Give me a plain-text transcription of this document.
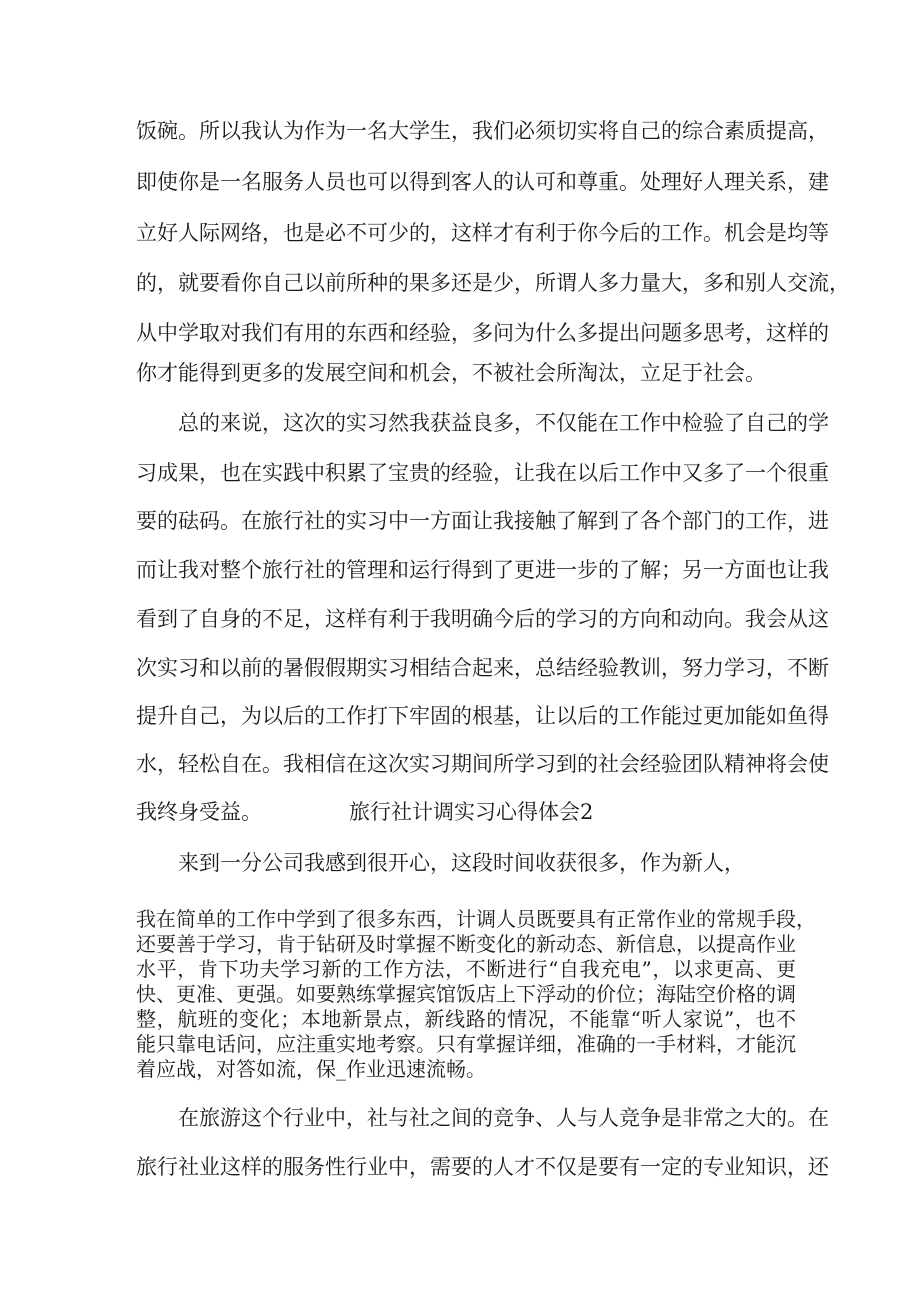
饭碗。所以我认为作为一名大学生，我们必须切实将自己的综合素质提高，
即使你是一名服务人员也可以得到客人的认可和尊重。处理好人理关系，建
立好人际网络，也是必不可少的，这样才有利于你今后的工作。机会是均等
的，就要看你自己以前所种的果多还是少，所谓人多力量大，多和别人交流，
从中学取对我们有用的东西和经验，多问为什么多提出问题多思考，这样的
你才能得到更多的发展空间和机会，不被社会所淘汰，立足于社会。
总的来说，这次的实习然我获益良多，不仅能在工作中检验了自己的学
习成果，也在实践中积累了宝贵的经验，让我在以后工作中又多了一个很重
要的砝码。在旅行社的实习中一方面让我接触了解到了各个部门的工作，进
而让我对整个旅行社的管理和运行得到了更进一步的了解；另一方面也让我
看到了自身的不足，这样有利于我明确今后的学习的方向和动向。我会从这
次实习和以前的暑假假期实习相结合起来，总结经验教训，努力学习，不断
提升自己，为以后的工作打下牢固的根基，让以后的工作能过更加能如鱼得
水，轻松自在。我相信在这次实习期间所学习到的社会经验团队精神将会使
我终身受益。	旅行社计调实习心得体会2
来到一分公司我感到很开心，这段时间收获很多，作为新人，
我在简单的工作中学到了很多东西，计调人员既要具有正常作业的常规手段，
还要善于学习，肯于钻研及时掌握不断变化的新动态、新信息，以提高作业
水平，肯下功夫学习新的工作方法，不断进行“自我充电”，以求更高、更
快、更准、更强。如要熟练掌握宾馆饭店上下浮动的价位；海陆空价格的调
整，航班的变化；本地新景点，新线路的情况，不能靠“听人家说”，也不
能只靠电话问，应注重实地考察。只有掌握详细，准确的一手材料，才能沉
着应战，对答如流，保_作业迅速流畅。
在旅游这个行业中，社与社之间的竞争、人与人竞争是非常之大的。在
旅行社业这样的服务性行业中，需要的人才不仅是要有一定的专业知识，还
